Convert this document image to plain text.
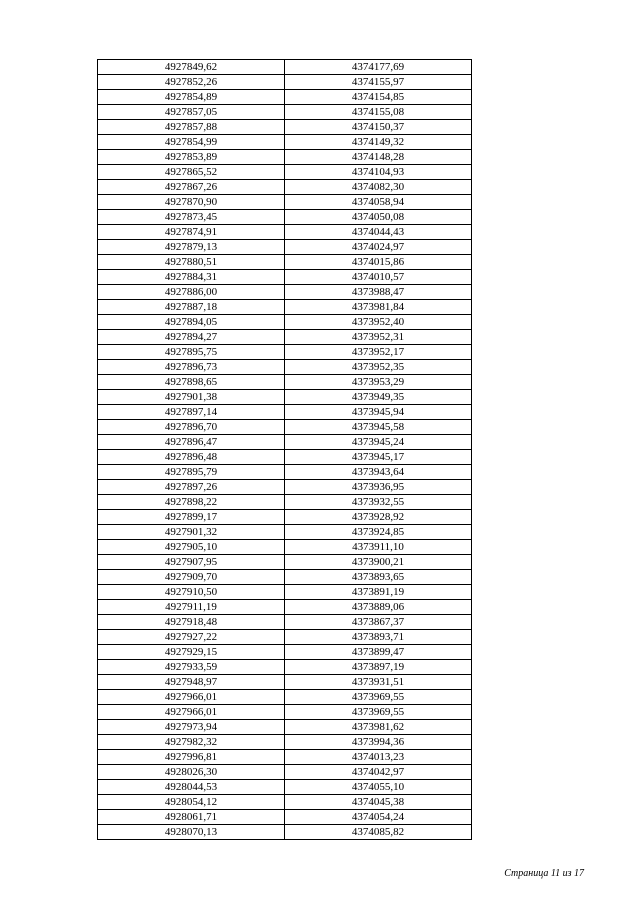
4927849,62	4374177,69
4927852,26	4374155,97
4927854,89	4374154,85
4927857,05	4374155,08
4927857,88	4374150,37
4927854,99	4374149,32
4927853,89	4374148,28
4927865,52	4374104,93
4927867,26	4374082,30
4927870,90	4374058,94
4927873,45	4374050,08
4927874,91	4374044,43
4927879,13	4374024,97
4927880,51	4374015,86
4927884,31	4374010,57
4927886,00	4373988,47
4927887,18	4373981,84
4927894,05	4373952,40
4927894,27	4373952,31
4927895,75	4373952,17
4927896,73	4373952,35
4927898,65	4373953,29
4927901,38	4373949,35
4927897,14	4373945,94
4927896,70	4373945,58
4927896,47	4373945,24
4927896,48	4373945,17
4927895,79	4373943,64
4927897,26	4373936,95
4927898,22	4373932,55
4927899,17	4373928,92
4927901,32	4373924,85
4927905,10	4373911,10
4927907,95	4373900,21
4927909,70	4373893,65
4927910,50	4373891,19
4927911,19	4373889,06
4927918,48	4373867,37
4927927,22	4373893,71
4927929,15	4373899,47
4927933,59	4373897,19
4927948,97	4373931,51
4927966,01	4373969,55
4927966,01	4373969,55
4927973,94	4373981,62
4927982,32	4373994,36
4927996,81	4374013,23
4928026,30	4374042,97
4928044,53	4374055,10
4928054,12	4374045,38
4928061,71	4374054,24
4928070,13	4374085,82
Страница 11 из 17
